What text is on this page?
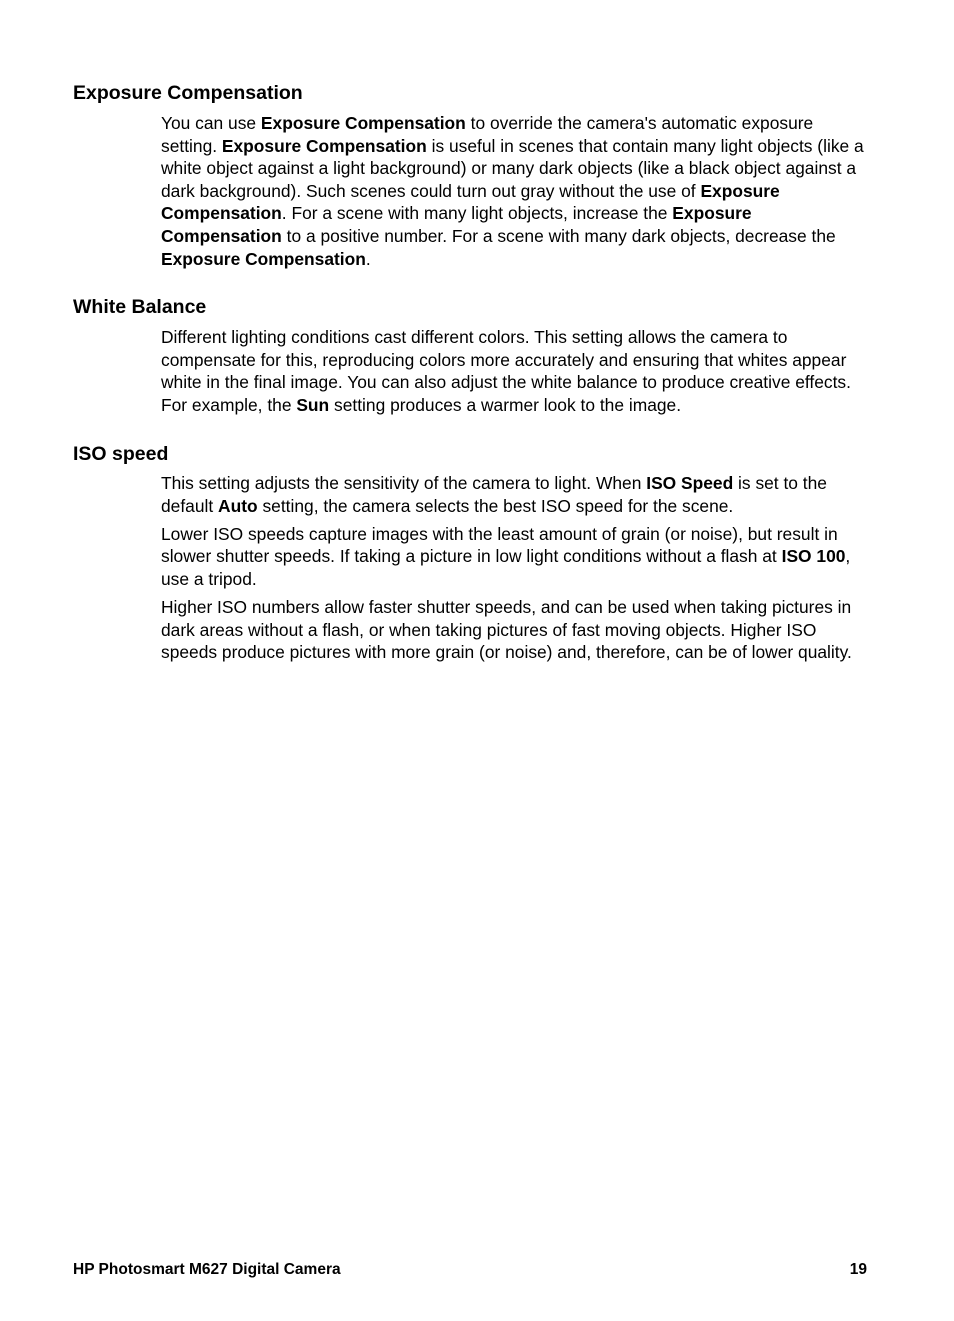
Exposure Compensation

You can use Exposure Compensation to override the camera's automatic exposure setting. Exposure Compensation is useful in scenes that contain many light objects (like a white object against a light background) or many dark objects (like a black object against a dark background). Such scenes could turn out gray without the use of Exposure Compensation. For a scene with many light objects, increase the Exposure Compensation to a positive number. For a scene with many dark objects, decrease the Exposure Compensation.

White Balance

Different lighting conditions cast different colors. This setting allows the camera to compensate for this, reproducing colors more accurately and ensuring that whites appear white in the final image. You can also adjust the white balance to produce creative effects. For example, the Sun setting produces a warmer look to the image.

ISO speed

This setting adjusts the sensitivity of the camera to light. When ISO Speed is set to the default Auto setting, the camera selects the best ISO speed for the scene.

Lower ISO speeds capture images with the least amount of grain (or noise), but result in slower shutter speeds. If taking a picture in low light conditions without a flash at ISO 100, use a tripod.

Higher ISO numbers allow faster shutter speeds, and can be used when taking pictures in dark areas without a flash, or when taking pictures of fast moving objects. Higher ISO speeds produce pictures with more grain (or noise) and, therefore, can be of lower quality.

HP Photosmart M627 Digital Camera	19
